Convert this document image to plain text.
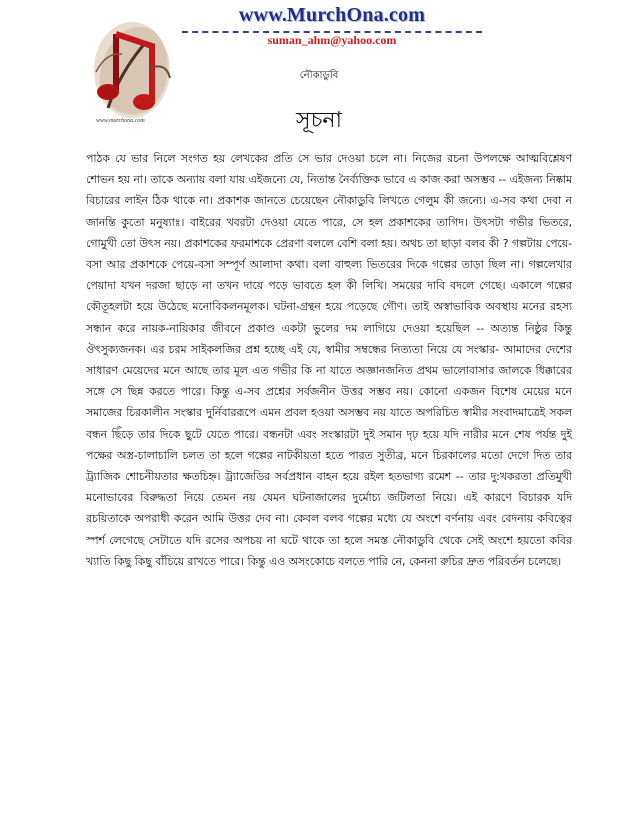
www.murchona.com
www.MurchOna.com
suman_ahm@yahoo.com
নৌকাডুবি
সূচনা

পাঠক যে ভার নিলে সংগত হয় লেখকের প্রতি সে ভার দেওয়া চলে না। নিজের রচনা উপলক্ষে আত্মবিশ্লেষণ শোভন হয় না। তাকে অন্যায় বলা যায় এইজন্যে যে, নিতান্ত নৈর্ব্যক্তিক ভাবে এ কাজ করা অসম্ভব -- এইজন্য নিষ্কাম বিচারের লাইন ঠিক থাকে না। প্রকাশক জানতে চেয়েছেন নৌকাডুবি লিখতে গেলুম কী জন্যে। এ-সব কথা দেবা ন জানন্তি কুতো মনুষ্যাঃ। বাইরের খবরটা দেওয়া যেতে পারে, সে হল প্রকাশকের তাগিদ। উৎসটা গভীর ভিতরে, গোমুখী তো উৎস নয়। প্রকাশকের ফরমাশকে প্রেরণা বললে বেশি বলা হয়। অথচ তা ছাড়া বলব কী ? গল্পটায় পেয়ে-বসা আর প্রকাশকে পেয়ে-বসা সম্পূর্ণ আলাদা কথা। বলা বাহুল্য ভিতরের দিকে গল্পের তাড়া ছিল না। গল্পলেখার পেয়াদা যখন দরজা ছাড়ে না তখন দায়ে পড়ে ভাবতে হল কী লিখি। সময়ের দাবি বদলে গেছে। একালে গল্পের কৌতূহলটা হয়ে উঠেছে মনোবিকলনমূলক। ঘটনা-গ্রন্থন হয়ে পড়েছে গৌণ। তাই অস্বাভাবিক অবস্থায় মনের রহস্য সন্ধান করে নায়ক-নায়িকার জীবনে প্রকাণ্ড একটা ভুলের দম লাগিয়ে দেওয়া হয়েছিল -- অত্যন্ত নিষ্ঠুর কিন্তু ঔৎসুক্যজনক। এর চরম সাইকলজির প্রশ্ন হচ্ছে এই যে, স্বামীর সম্বন্ধের নিত্যতা নিয়ে যে সংস্কার- আমাদের দেশের সাধারণ মেয়েদের মনে আছে তার মূল এত গভীর কি না যাতে অজ্ঞানজনিত প্রথম ভালোবাসার জালকে ধিক্কারের সঙ্গে সে ছিন্ন করতে পারে। কিন্তু এ-সব প্রশ্নের সর্বজনীন উত্তর সম্ভব নয়। কোনো একজন বিশেষ মেয়ের মনে সমাজের চিরকালীন সংস্কার দুর্নিবাররূপে এমন প্রবল হওয়া অসম্ভব নয় যাতে অপরিচিত স্বামীর সংবাদমাত্রেই সকল বন্ধন ছিঁড়ে তার দিকে ছুটে যেতে পারে। বন্ধনটা এবং সংস্কারটা দুই সমান দৃঢ় হয়ে যদি নারীর মনে শেষ পর্যন্ত দুই পক্ষের অস্ত্র-চালাচালি চলত তা হলে গল্পের নাটকীয়তা হতে পারত সুতীব্র, মনে চিরকালের মতো দেগে দিত তার ট্র্যাজিক শোচনীয়তার ক্ষতচিহ্ন। ট্র্যাজেডির সর্বপ্রধান বাহন হয়ে রইল হতভাগ্য রমেশ -- তার দু:খকরতা প্রতিমুখী মনোভাবের বিরুদ্ধতা নিয়ে তেমন নয় যেমন ঘটনাজালের দুর্মোচ্য জটিলতা নিয়ে। এই কারণে বিচারক যদি রচয়িতাকে অপরাধী করেন আমি উত্তর দেব না। কেবল বলব গল্পের মধ্যে যে অংশে বর্ণনায় এবং বেদনায় কবিত্বের স্পর্শ লেগেছে সেটাতে যদি রসের অপচয় না ঘটে থাকে তা হলে সমস্ত নৌকাডুবি থেকে সেই অংশে হয়তো কবির খ্যাতি কিছু কিছু বাঁচিয়ে রাখতে পারে। কিন্তু এও অসংকোচে বলতে পারি নে, কেননা রুচির দ্রুত পরিবর্তন চলেছে।
